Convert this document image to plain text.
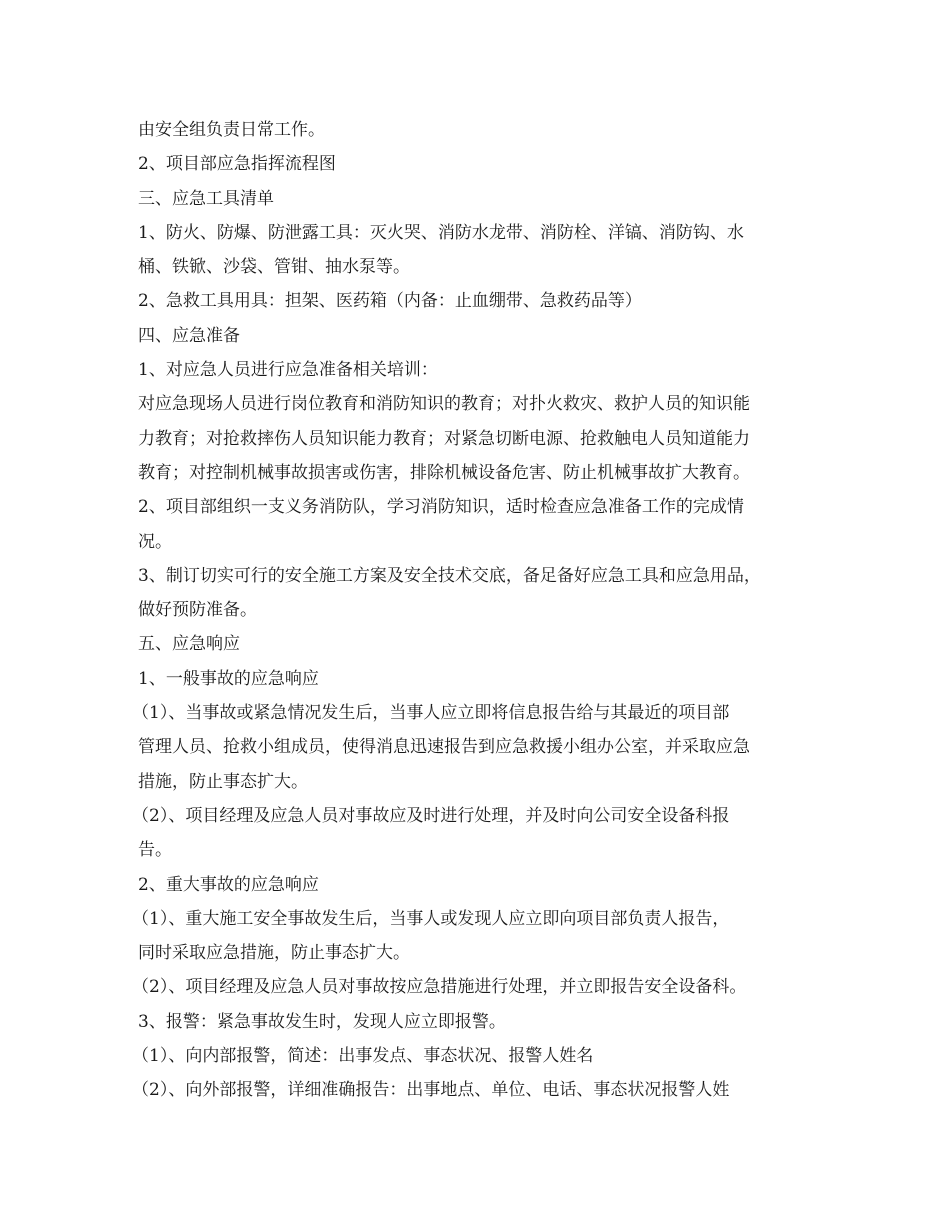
由安全组负责日常工作。
2、项目部应急指挥流程图
三、应急工具清单
1、防火、防爆、防泄露工具：灭火哭、消防水龙带、消防栓、洋镐、消防钩、水
桶、铁锨、沙袋、管钳、抽水泵等。
2、急救工具用具：担架、医药箱（内备：止血绷带、急救药品等）
四、应急准备
1、对应急人员进行应急准备相关培训：
对应急现场人员进行岗位教育和消防知识的教育；对扑火救灾、救护人员的知识能
力教育；对抢救摔伤人员知识能力教育；对紧急切断电源、抢救触电人员知道能力
教育；对控制机械事故损害或伤害，排除机械设备危害、防止机械事故扩大教育。
2、项目部组织一支义务消防队，学习消防知识，适时检查应急准备工作的完成情
况。
3、制订切实可行的安全施工方案及安全技术交底，备足备好应急工具和应急用品，
做好预防准备。
五、应急响应
1、一般事故的应急响应
（1）、当事故或紧急情况发生后，当事人应立即将信息报告给与其最近的项目部
管理人员、抢救小组成员，使得消息迅速报告到应急救援小组办公室，并采取应急
措施，防止事态扩大。
（2）、项目经理及应急人员对事故应及时进行处理，并及时向公司安全设备科报
告。
2、重大事故的应急响应
（1）、重大施工安全事故发生后，当事人或发现人应立即向项目部负责人报告，
同时采取应急措施，防止事态扩大。
（2）、项目经理及应急人员对事故按应急措施进行处理，并立即报告安全设备科。
3、报警：紧急事故发生时，发现人应立即报警。
（1）、向内部报警，简述：出事发点、事态状况、报警人姓名
（2）、向外部报警，详细准确报告：出事地点、单位、电话、事态状况报警人姓
